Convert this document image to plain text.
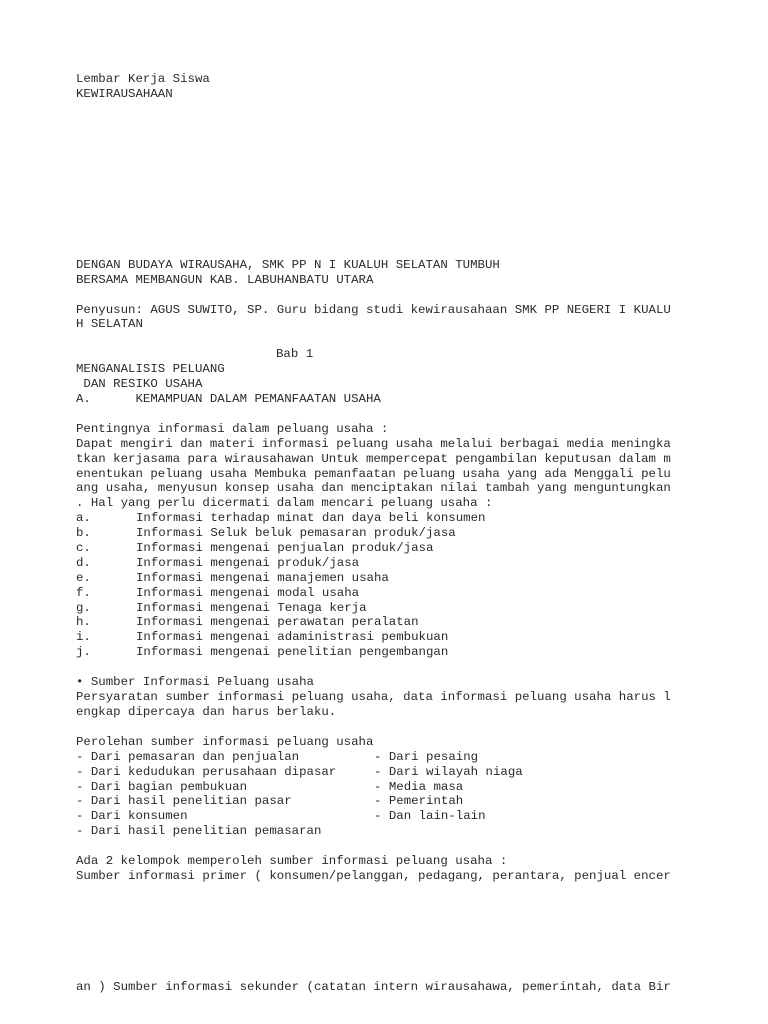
Lembar Kerja Siswa
KEWIRAUSAHAAN
DENGAN BUDAYA WIRAUSAHA, SMK PP N I KUALUH SELATAN TUMBUH
BERSAMA MEMBANGUN KAB. LABUHANBATU UTARA
Penyusun: AGUS SUWITO, SP. Guru bidang studi kewirausahaan SMK PP NEGERI I KUALU
H SELATAN
Bab 1
MENGANALISIS PELUANG
DAN RESIKO USAHA
A.      KEMAMPUAN DALAM PEMANFAATAN USAHA
Pentingnya informasi dalam peluang usaha :
Dapat mengiri dan materi informasi peluang usaha melalui berbagai media meningka
tkan kerjasama para wirausahawan Untuk mempercepat pengambilan keputusan dalam m
enentukan peluang usaha Membuka pemanfaatan peluang usaha yang ada Menggali pelu
ang usaha, menyusun konsep usaha dan menciptakan nilai tambah yang menguntungkan
. Hal yang perlu dicermati dalam mencari peluang usaha :
a.	Informasi terhadap minat dan daya beli konsumen
b.	Informasi Seluk beluk pemasaran produk/jasa
c.	Informasi mengenai penjualan produk/jasa
d.	Informasi mengenai produk/jasa
e.	Informasi mengenai manajemen usaha
f.	Informasi mengenai modal usaha
g.	Informasi mengenai Tenaga kerja
h.	Informasi mengenai perawatan peralatan
i.	Informasi mengenai adaministrasi pembukuan
j.	Informasi mengenai penelitian pengembangan
• Sumber Informasi Peluang usaha
Persyaratan sumber informasi peluang usaha, data informasi peluang usaha harus l
engkap dipercaya dan harus berlaku.
Perolehan sumber informasi peluang usaha
- Dari pemasaran dan penjualan	- Dari pesaing
- Dari kedudukan perusahaan dipasar	- Dari wilayah niaga
- Dari bagian pembukuan	- Media masa
- Dari hasil penelitian pasar	- Pemerintah
- Dari konsumen	- Dan lain-lain
- Dari hasil penelitian pemasaran
Ada 2 kelompok memperoleh sumber informasi peluang usaha :
Sumber informasi primer ( konsumen/pelanggan, pedagang, perantara, penjual encer
an ) Sumber informasi sekunder (catatan intern wirausahawa, pemerintah, data Bir
